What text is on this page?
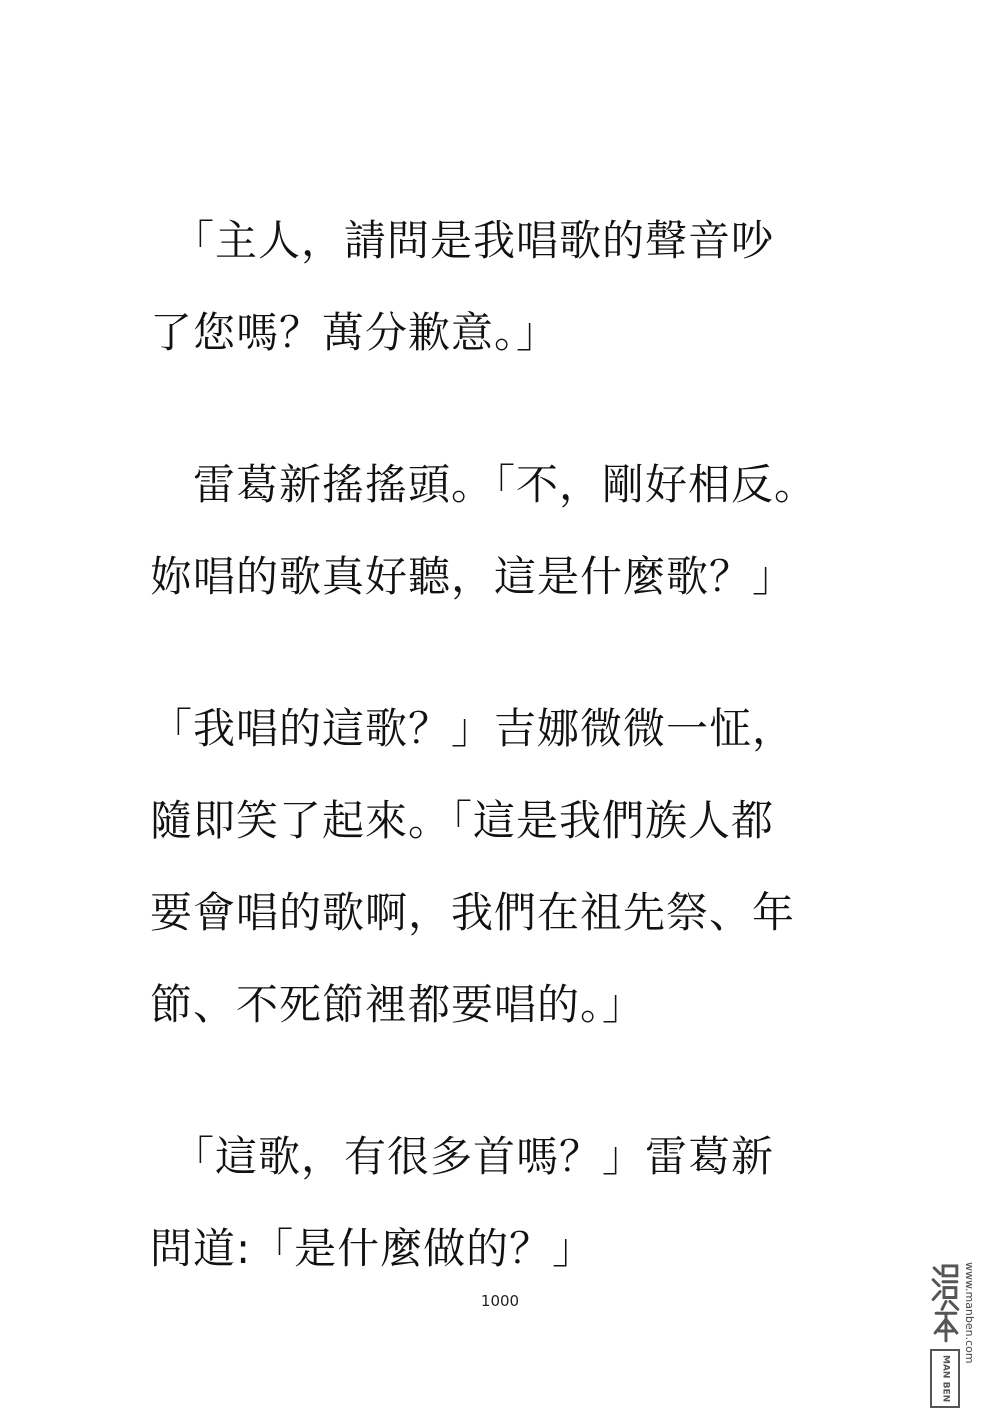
　「主人，請問是我唱歌的聲音吵
了您嗎？萬分歉意。」
　雷葛新搖搖頭。「不，剛好相反。
妳唱的歌真好聽，這是什麼歌？」
「我唱的這歌？」吉娜微微一怔，
隨即笑了起來。「這是我們族人都
要會唱的歌啊，我們在祖先祭、年
節、不死節裡都要唱的。」
　「這歌，有很多首嗎？」雷葛新
問道:「是什麼做的？」
1000
MAN BEN
www.manben.com
